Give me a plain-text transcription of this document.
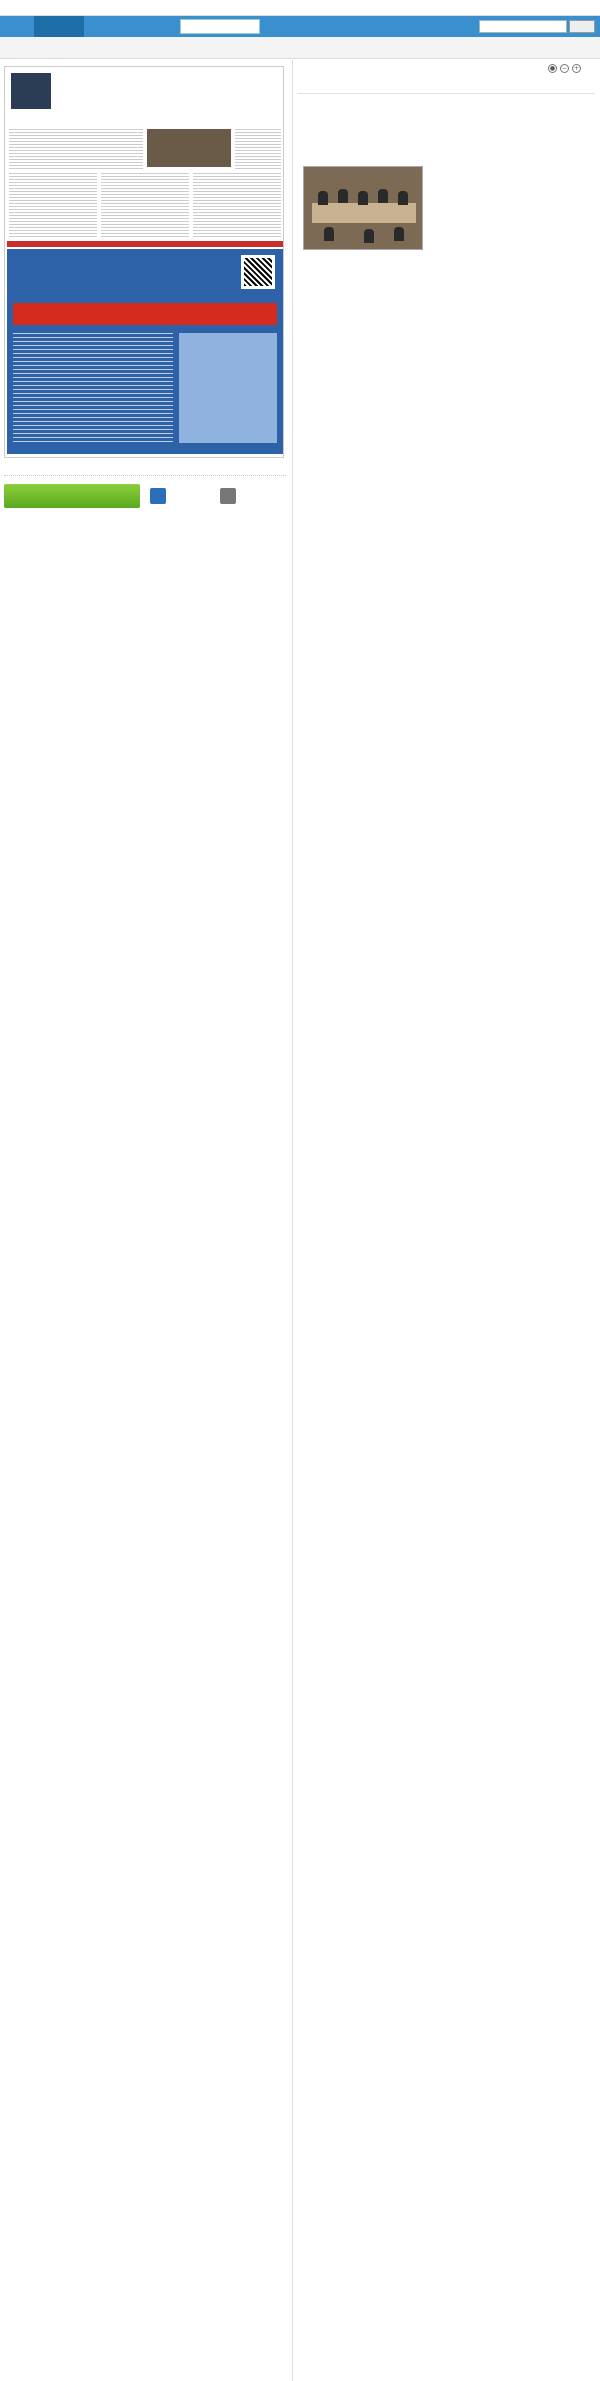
● − +
